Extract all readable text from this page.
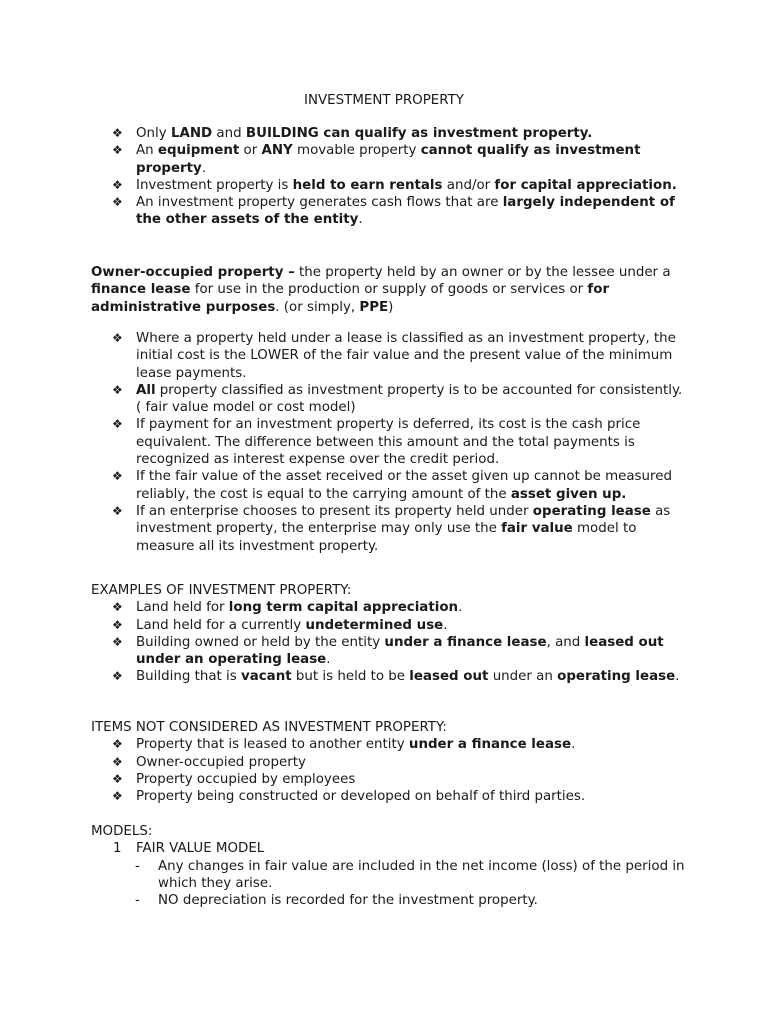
INVESTMENT PROPERTY
❖ Only LAND and BUILDING can qualify as investment property.
❖ An equipment or ANY movable property cannot qualify as investment property.
❖ Investment property is held to earn rentals and/or for capital appreciation.
❖ An investment property generates cash flows that are largely independent of the other assets of the entity.

Owner-occupied property – the property held by an owner or by the lessee under a finance lease for use in the production or supply of goods or services or for administrative purposes. (or simply, PPE)

❖ Where a property held under a lease is classified as an investment property, the initial cost is the LOWER of the fair value and the present value of the minimum lease payments.
❖ All property classified as investment property is to be accounted for consistently. ( fair value model or cost model)
❖ If payment for an investment property is deferred, its cost is the cash price equivalent. The difference between this amount and the total payments is recognized as interest expense over the credit period.
❖ If the fair value of the asset received or the asset given up cannot be measured reliably, the cost is equal to the carrying amount of the asset given up.
❖ If an enterprise chooses to present its property held under operating lease as investment property, the enterprise may only use the fair value model to measure all its investment property.
EXAMPLES OF INVESTMENT PROPERTY:
❖ Land held for long term capital appreciation.
❖ Land held for a currently undetermined use.
❖ Building owned or held by the entity under a finance lease, and leased out under an operating lease.
❖ Building that is vacant but is held to be leased out under an operating lease.
ITEMS NOT CONSIDERED AS INVESTMENT PROPERTY:
❖ Property that is leased to another entity under a finance lease.
❖ Owner-occupied property
❖ Property occupied by employees
❖ Property being constructed or developed on behalf of third parties.
MODELS:
1 FAIR VALUE MODEL
- Any changes in fair value are included in the net income (loss) of the period in which they arise.
- NO depreciation is recorded for the investment property.
